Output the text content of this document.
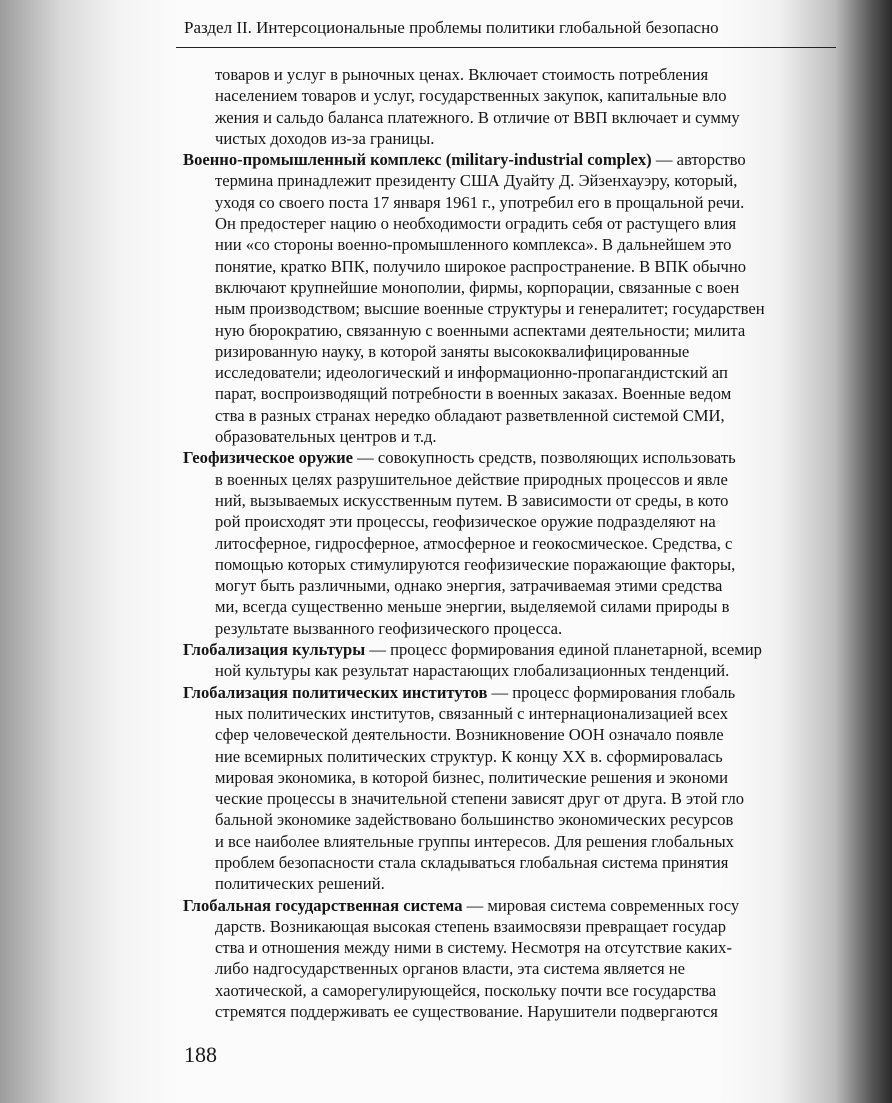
Раздел II. Интерсоциональные проблемы политики глобальной безопасно
товаров и услуг в рыночных ценах. Включает стоимость потребления
населением товаров и услуг, государственных закупок, капитальные вло
жения и сальдо баланса платежного. В отличие от ВВП включает и сумму
чистых доходов из-за границы.
Военно-промышленный комплекс (military-industrial complex) — авторство
термина принадлежит президенту США Дуайту Д. Эйзенхауэру, который,
уходя со своего поста 17 января 1961 г., употребил его в прощальной речи.
Он предостерег нацию о необходимости оградить себя от растущего влия
нии «со стороны военно-промышленного комплекса». В дальнейшем это
понятие, кратко ВПК, получило широкое распространение. В ВПК обычно
включают крупнейшие монополии, фирмы, корпорации, связанные с воен
ным производством; высшие военные структуры и генералитет; государствен
ную бюрократию, связанную с военными аспектами деятельности; милита
ризированную науку, в которой заняты высококвалифицированные
исследователи; идеологический и информационно-пропагандистский ап
парат, воспроизводящий потребности в военных заказах. Военные ведом
ства в разных странах нередко обладают разветвленной системой СМИ,
образовательных центров и т.д.
Геофизическое оружие — совокупность средств, позволяющих использовать
в военных целях разрушительное действие природных процессов и явле
ний, вызываемых искусственным путем. В зависимости от среды, в кото
рой происходят эти процессы, геофизическое оружие подразделяют на
литосферное, гидросферное, атмосферное и геокосмическое. Средства, с
помощью которых стимулируются геофизические поражающие факторы,
могут быть различными, однако энергия, затрачиваемая этими средства
ми, всегда существенно меньше энергии, выделяемой силами природы в
результате вызванного геофизического процесса.
Глобализация культуры — процесс формирования единой планетарной, всемир
ной культуры как результат нарастающих глобализационных тенденций.
Глобализация политических институтов — процесс формирования глобаль
ных политических институтов, связанный с интернационализацией всех
сфер человеческой деятельности. Возникновение ООН означало появле
ние всемирных политических структур. К концу XX в. сформировалась
мировая экономика, в которой бизнес, политические решения и экономи
ческие процессы в значительной степени зависят друг от друга. В этой гло
бальной экономике задействовано большинство экономических ресурсов
и все наиболее влиятельные группы интересов. Для решения глобальных
проблем безопасности стала складываться глобальная система принятия
политических решений.
Глобальная государственная система — мировая система современных госу
дарств. Возникающая высокая степень взаимосвязи превращает государ
ства и отношения между ними в систему. Несмотря на отсутствие каких-
либо надгосударственных органов власти, эта система является не
хаотической, а саморегулирующейся, поскольку почти все государства
стремятся поддерживать ее существование. Нарушители подвергаются
188
